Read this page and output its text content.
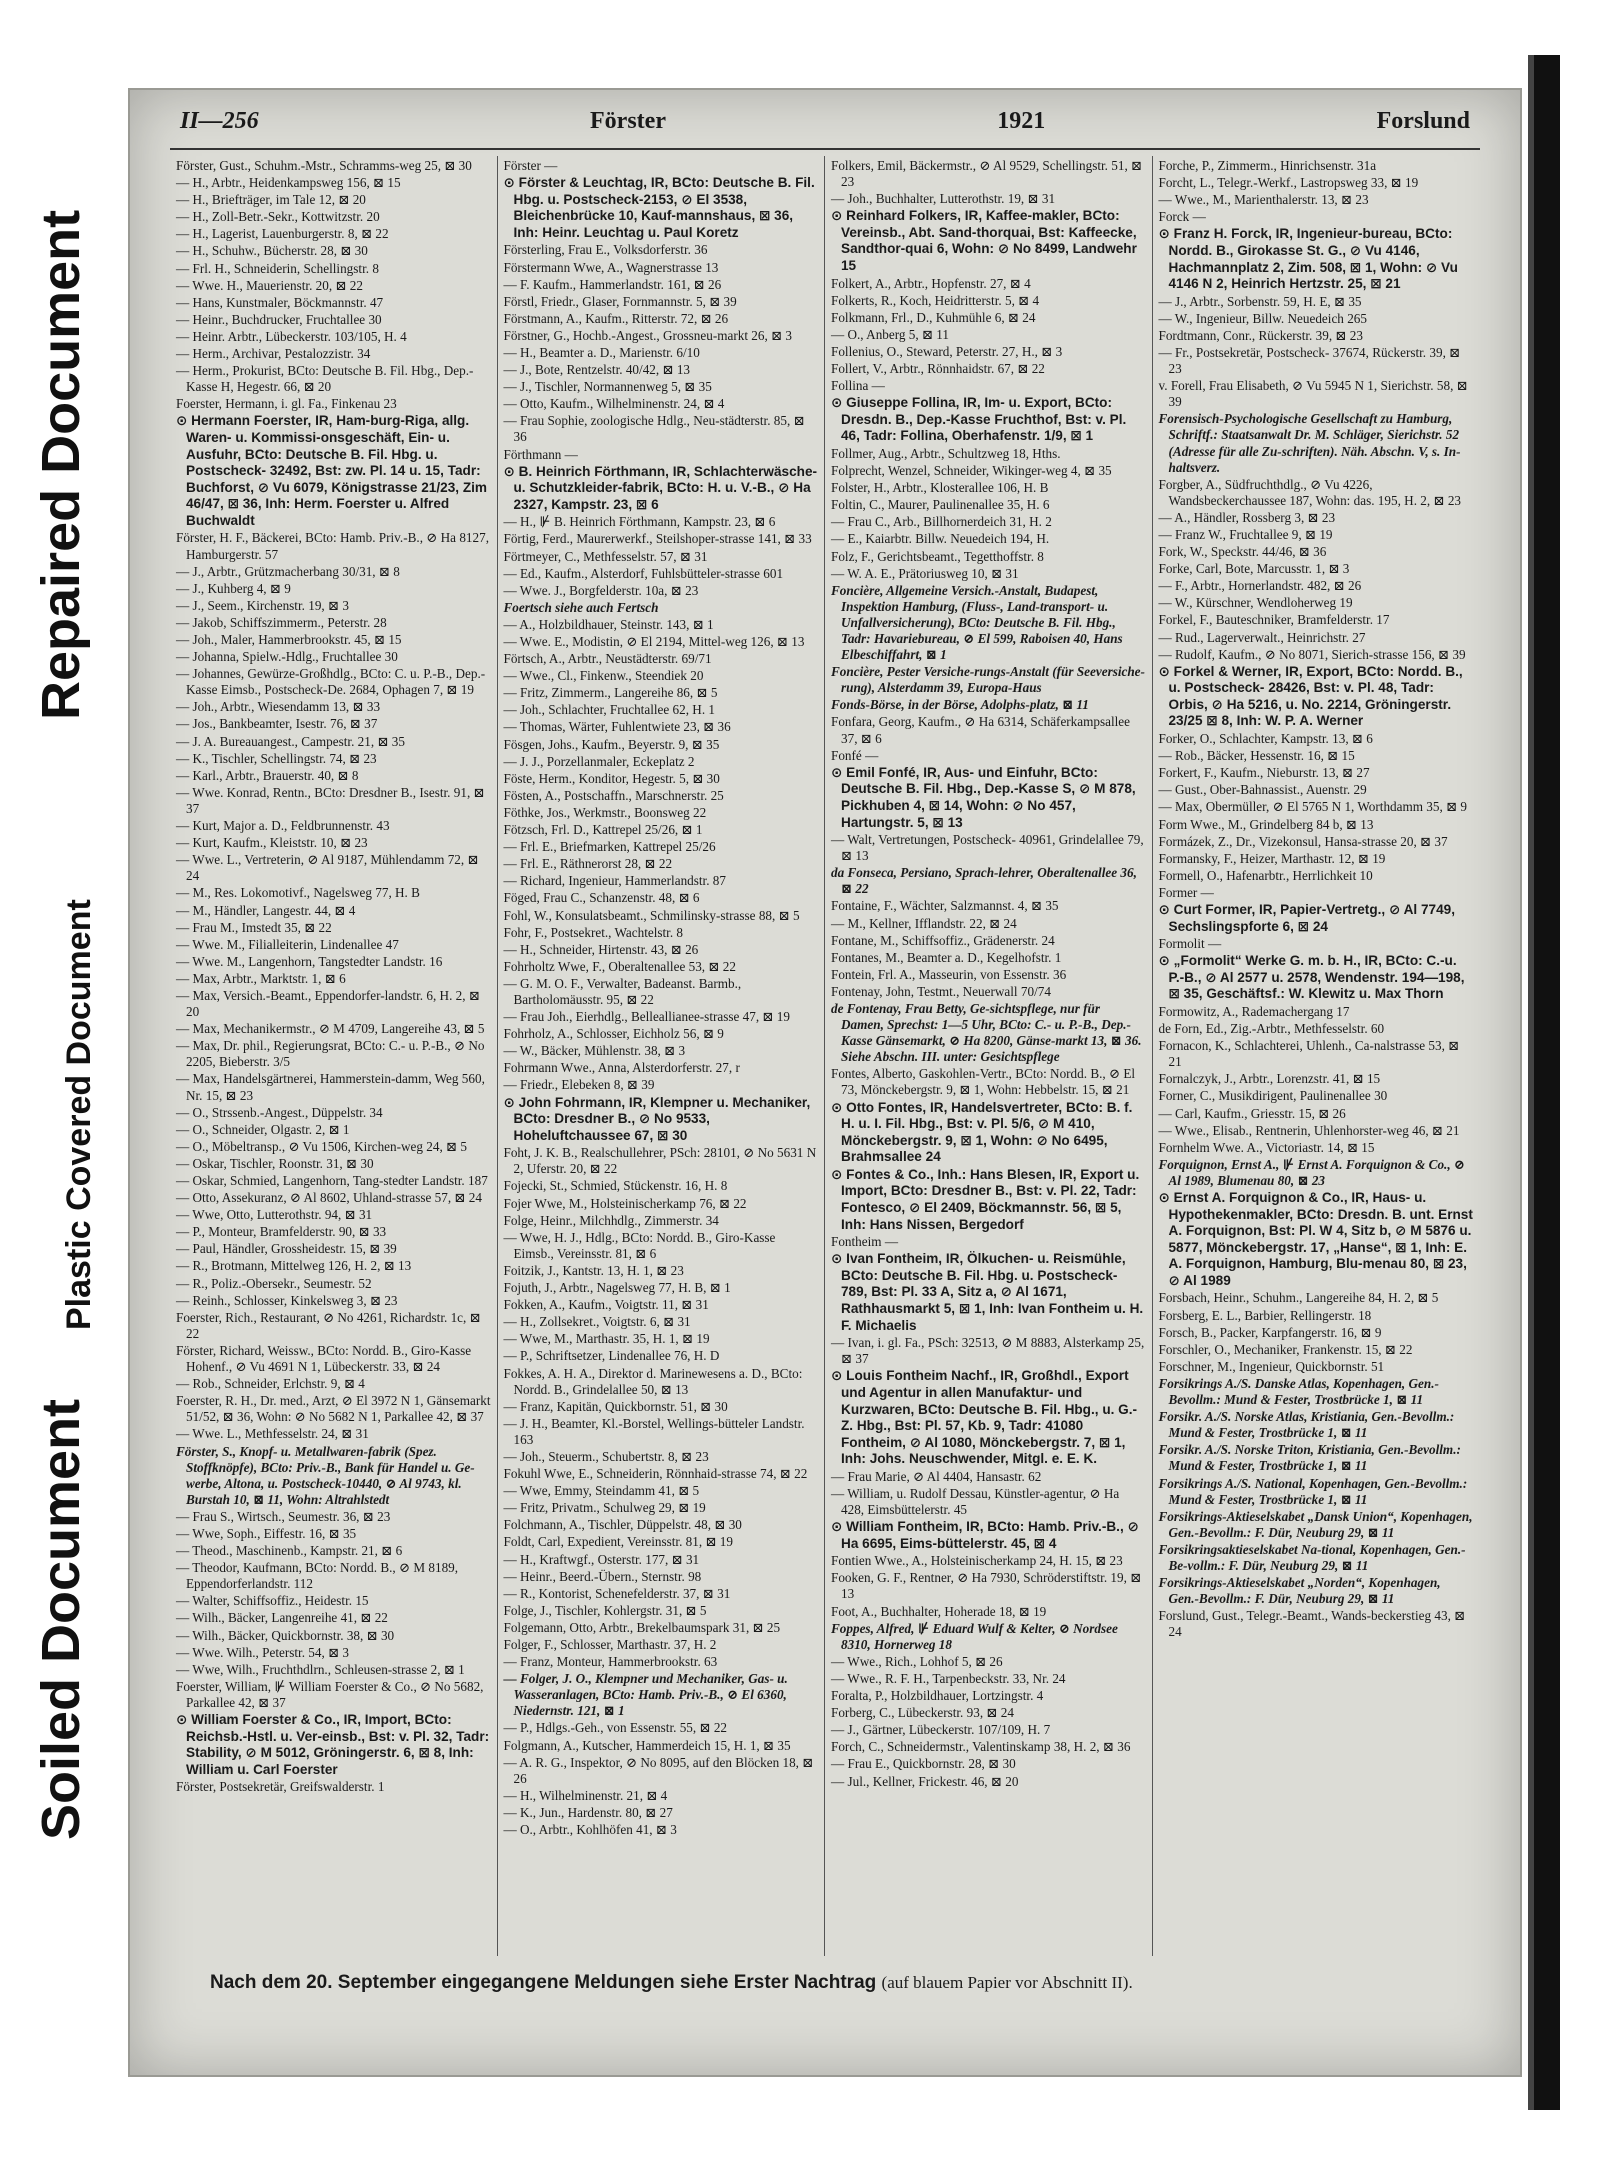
Soiled Document
Plastic Covered Document
Repaired Document
II—256	Förster	1921	Forslund
Förster, Gust., Schuhm.-Mstr., Schramms-weg 25, ⊠ 30
— H., Arbtr., Heidenkampsweg 156, ⊠ 15
— H., Briefträger, im Tale 12, ⊠ 20
— H., Zoll-Betr.-Sekr., Kottwitzstr. 20
— H., Lagerist, Lauenburgerstr. 8, ⊠ 22
— H., Schuhw., Bücherstr. 28, ⊠ 30
— Frl. H., Schneiderin, Schellingstr. 8
— Wwe. H., Mauerienstr. 20, ⊠ 22
— Hans, Kunstmaler, Böckmannstr. 47
— Heinr., Buchdrucker, Fruchtallee 30
— Heinr. Arbtr., Lübeckerstr. 103/105, H. 4
— Herm., Archivar, Pestalozzistr. 34
— Herm., Prokurist, BCto: Deutsche B. Fil. Hbg., Dep.-Kasse H, Hegestr. 66, ⊠ 20
Foerster, Hermann, i. gl. Fa., Finkenau 23
⊙ Hermann Foerster, IR, Ham-burg-Riga, allg. Waren- u. Kommissi-onsgeschäft, Ein- u. Ausfuhr, BCto: Deutsche B. Fil. Hbg. u. Postscheck- 32492, Bst: zw. Pl. 14 u. 15, Tadr: Buchforst, ⊘ Vu 6079, Königstrasse 21/23, Zim 46/47, ⊠ 36, Inh: Herm. Foerster u. Alfred Buchwaldt
Förster, H. F., Bäckerei, BCto: Hamb. Priv.-B., ⊘ Ha 8127, Hamburgerstr. 57
— J., Arbtr., Grützmacherbang 30/31, ⊠ 8
— J., Kuhberg 4, ⊠ 9
— J., Seem., Kirchenstr. 19, ⊠ 3
— Jakob, Schiffszimmerm., Peterstr. 28
— Joh., Maler, Hammerbrookstr. 45, ⊠ 15
— Johanna, Spielw.-Hdlg., Fruchtallee 30
— Johannes, Gewürze-Großhdlg., BCto: C. u. P.-B., Dep.-Kasse Eimsb., Postscheck-De. 2684, Ophagen 7, ⊠ 19
— Joh., Arbtr., Wiesendamm 13, ⊠ 33
— Jos., Bankbeamter, Isestr. 76, ⊠ 37
— J. A. Bureauangest., Campestr. 21, ⊠ 35
— K., Tischler, Schellingstr. 74, ⊠ 23
— Karl., Arbtr., Brauerstr. 40, ⊠ 8
— Wwe. Konrad, Rentn., BCto: Dresdner B., Isestr. 91, ⊠ 37
— Kurt, Major a. D., Feldbrunnenstr. 43
— Kurt, Kaufm., Kleiststr. 10, ⊠ 23
— Wwe. L., Vertreterin, ⊘ Al 9187, Mühlendamm 72, ⊠ 24
— M., Res. Lokomotivf., Nagelsweg 77, H. B
— M., Händler, Langestr. 44, ⊠ 4
— Frau M., Imstedt 35, ⊠ 22
— Wwe. M., Filialleiterin, Lindenallee 47
— Wwe. M., Langenhorn, Tangstedter Landstr. 16
— Max, Arbtr., Marktstr. 1, ⊠ 6
— Max, Versich.-Beamt., Eppendorfer-landstr. 6, H. 2, ⊠ 20
— Max, Mechanikermstr., ⊘ M 4709, Langereihe 43, ⊠ 5
— Max, Dr. phil., Regierungsrat, BCto: C.- u. P.-B., ⊘ No 2205, Bieberstr. 3/5
— Max, Handelsgärtnerei, Hammerstein-damm, Weg 560, Nr. 15, ⊠ 23
— O., Strssenb.-Angest., Düppelstr. 34
— O., Schneider, Olgastr. 2, ⊠ 1
— O., Möbeltransp., ⊘ Vu 1506, Kirchen-weg 24, ⊠ 5
— Oskar, Tischler, Roonstr. 31, ⊠ 30
— Oskar, Schmied, Langenhorn, Tang-stedter Landstr. 187
— Otto, Assekuranz, ⊘ Al 8602, Uhland-strasse 57, ⊠ 24
— Wwe, Otto, Lutterothstr. 94, ⊠ 31
— P., Monteur, Bramfelderstr. 90, ⊠ 33
— Paul, Händler, Grossheidestr. 15, ⊠ 39
— R., Brotmann, Mittelweg 126, H. 2, ⊠ 13
— R., Poliz.-Obersekr., Seumestr. 52
— Reinh., Schlosser, Kinkelsweg 3, ⊠ 23
Foerster, Rich., Restaurant, ⊘ No 4261, Richardstr. 1c, ⊠ 22
Förster, Richard, Weissw., BCto: Nordd. B., Giro-Kasse Hohenf., ⊘ Vu 4691 N 1, Lübeckerstr. 33, ⊠ 24
— Rob., Schneider, Erlchstr. 9, ⊠ 4
Foerster, R. H., Dr. med., Arzt, ⊘ El 3972 N 1, Gänsemarkt 51/52, ⊠ 36, Wohn: ⊘ No 5682 N 1, Parkallee 42, ⊠ 37
— Wwe. L., Methfesselstr. 24, ⊠ 31
Förster, S., Knopf- u. Metallwaren-fabrik (Spez. Stoffknöpfe), BCto: Priv.-B., Bank für Handel u. Ge-werbe, Altona, u. Postscheck-10440, ⊘ Al 9743, kl. Burstah 10, ⊠ 11, Wohn: Altrahlstedt
— Frau S., Wirtsch., Seumestr. 36, ⊠ 23
— Wwe, Soph., Eiffestr. 16, ⊠ 35
— Theod., Maschinenb., Kampstr. 21, ⊠ 6
— Theodor, Kaufmann, BCto: Nordd. B., ⊘ M 8189, Eppendorferlandstr. 112
— Walter, Schiffsoffiz., Heidestr. 15
— Wilh., Bäcker, Langenreihe 41, ⊠ 22
— Wilh., Bäcker, Quickbornstr. 38, ⊠ 30
— Wwe. Wilh., Peterstr. 54, ⊠ 3
— Wwe, Wilh., Fruchthdlrn., Schleusen-strasse 2, ⊠ 1
Foerster, William, ⊮ William Foerster & Co., ⊘ No 5682, Parkallee 42, ⊠ 37
⊙ William Foerster & Co., IR, Import, BCto: Reichsb.-Hstl. u. Ver-einsb., Bst: v. Pl. 32, Tadr: Stability, ⊘ M 5012, Gröningerstr. 6, ⊠ 8, Inh: William u. Carl Foerster
Förster, Postsekretär, Greifswalderstr. 1
Förster —
⊙ Förster & Leuchtag, IR, BCto: Deutsche B. Fil. Hbg. u. Postscheck-2153, ⊘ El 3538, Bleichenbrücke 10, Kauf-mannshaus, ⊠ 36, Inh: Heinr. Leuchtag u. Paul Koretz
Försterling, Frau E., Volksdorferstr. 36
Förstermann Wwe, A., Wagnerstrasse 13
— F. Kaufm., Hammerlandstr. 161, ⊠ 26
Förstl, Friedr., Glaser, Fornmannstr. 5, ⊠ 39
Förstmann, A., Kaufm., Ritterstr. 72, ⊠ 26
Förstner, G., Hochb.-Angest., Grossneu-markt 26, ⊠ 3
— H., Beamter a. D., Marienstr. 6/10
— J., Bote, Rentzelstr. 40/42, ⊠ 13
— J., Tischler, Normannenweg 5, ⊠ 35
— Otto, Kaufm., Wilhelminenstr. 24, ⊠ 4
— Frau Sophie, zoologische Hdlg., Neu-städterstr. 85, ⊠ 36
Förthmann —
⊙ B. Heinrich Förthmann, IR, Schlachterwäsche- u. Schutzkleider-fabrik, BCto: H. u. V.-B., ⊘ Ha 2327, Kampstr. 23, ⊠ 6
— H., ⊮ B. Heinrich Förthmann, Kampstr. 23, ⊠ 6
Förtig, Ferd., Maurerwerkf., Steilshoper-strasse 141, ⊠ 33
Förtmeyer, C., Methfesselstr. 57, ⊠ 31
— Ed., Kaufm., Alsterdorf, Fuhlsbütteler-strasse 601
— Wwe. J., Borgfelderstr. 10a, ⊠ 23
Foertsch siehe auch Fertsch
— A., Holzbildhauer, Steinstr. 143, ⊠ 1
— Wwe. E., Modistin, ⊘ El 2194, Mittel-weg 126, ⊠ 13
Förtsch, A., Arbtr., Neustädterstr. 69/71
— Wwe., Cl., Finkenw., Steendiek 20
— Fritz, Zimmerm., Langereihe 86, ⊠ 5
— Joh., Schlachter, Fruchtallee 62, H. 1
— Thomas, Wärter, Fuhlentwiete 23, ⊠ 36
Fösgen, Johs., Kaufm., Beyerstr. 9, ⊠ 35
— J. J., Porzellanmaler, Eckeplatz 2
Föste, Herm., Konditor, Hegestr. 5, ⊠ 30
Fösten, A., Postschaffn., Marschnerstr. 25
Föthke, Jos., Werkmstr., Boonsweg 22
Fötzsch, Frl. D., Kattrepel 25/26, ⊠ 1
— Frl. E., Briefmarken, Kattrepel 25/26
— Frl. E., Räthnerorst 28, ⊠ 22
— Richard, Ingenieur, Hammerlandstr. 87
Föged, Frau C., Schanzenstr. 48, ⊠ 6
Fohl, W., Konsulatsbeamt., Schmilinsky-strasse 88, ⊠ 5
Fohr, F., Postsekret., Wachtelstr. 8
— H., Schneider, Hirtenstr. 43, ⊠ 26
Fohrholtz Wwe, F., Oberaltenallee 53, ⊠ 22
— G. M. O. F., Verwalter, Badeanst. Barmb., Bartholomäusstr. 95, ⊠ 22
— Frau Joh., Eierhdlg., Belleallianee-strasse 47, ⊠ 19
Fohrholz, A., Schlosser, Eichholz 56, ⊠ 9
— W., Bäcker, Mühlenstr. 38, ⊠ 3
Fohrmann Wwe., Anna, Alsterdorferstr. 27, r
— Friedr., Elebeken 8, ⊠ 39
⊙ John Fohrmann, IR, Klempner u. Mechaniker, BCto: Dresdner B., ⊘ No 9533, Hoheluftchaussee 67, ⊠ 30
Foht, J. K. B., Realschullehrer, PSch: 28101, ⊘ No 5631 N 2, Uferstr. 20, ⊠ 22
Fojecki, St., Schmied, Stückenstr. 16, H. 8
Fojer Wwe, M., Holsteinischerkamp 76, ⊠ 22
Folge, Heinr., Milchhdlg., Zimmerstr. 34
— Wwe, H. J., Hdlg., BCto: Nordd. B., Giro-Kasse Eimsb., Vereinsstr. 81, ⊠ 6
Foitzik, J., Kantstr. 13, H. 1, ⊠ 23
Fojuth, J., Arbtr., Nagelsweg 77, H. B, ⊠ 1
Fokken, A., Kaufm., Voigtstr. 11, ⊠ 31
— H., Zollsekret., Voigtstr. 6, ⊠ 31
— Wwe, M., Marthastr. 35, H. 1, ⊠ 19
— P., Schriftsetzer, Lindenallee 76, H. D
Fokkes, A. H. A., Direktor d. Marinewesens a. D., BCto: Nordd. B., Grindelallee 50, ⊠ 13
— Franz, Kapitän, Quickbornstr. 51, ⊠ 30
— J. H., Beamter, Kl.-Borstel, Wellings-bütteler Landstr. 163
— Joh., Steuerm., Schubertstr. 8, ⊠ 23
Fokuhl Wwe, E., Schneiderin, Rönnhaid-strasse 74, ⊠ 22
— Wwe, Emmy, Steindamm 41, ⊠ 5
— Fritz, Privatm., Schulweg 29, ⊠ 19
Folchmann, A., Tischler, Düppelstr. 48, ⊠ 30
Foldt, Carl, Expedient, Vereinsstr. 81, ⊠ 19
— H., Kraftwgf., Osterstr. 177, ⊠ 31
— Heinr., Beerd.-Übern., Sternstr. 98
— R., Kontorist, Schenefelderstr. 37, ⊠ 31
Folge, J., Tischler, Kohlergstr. 31, ⊠ 5
Folgemann, Otto, Arbtr., Brekelbaumspark 31, ⊠ 25
Folger, F., Schlosser, Marthastr. 37, H. 2
— Franz, Monteur, Hammerbrookstr. 63
— Folger, J. O., Klempner und Mechaniker, Gas- u. Wasseranlagen, BCto: Hamb. Priv.-B., ⊘ El 6360, Niedernstr. 121, ⊠ 1
— P., Hdlgs.-Geh., von Essenstr. 55, ⊠ 22
Folgmann, A., Kutscher, Hammerdeich 15, H. 1, ⊠ 35
— A. R. G., Inspektor, ⊘ No 8095, auf den Blöcken 18, ⊠ 26
— H., Wilhelminenstr. 21, ⊠ 4
— K., Jun., Hardenstr. 80, ⊠ 27
— O., Arbtr., Kohlhöfen 41, ⊠ 3
Folkers, Emil, Bäckermstr., ⊘ Al 9529, Schellingstr. 51, ⊠ 23
— Joh., Buchhalter, Lutterothstr. 19, ⊠ 31
⊙ Reinhard Folkers, IR, Kaffee-makler, BCto: Vereinsb., Abt. Sand-thorquai, Bst: Kaffeecke, Sandthor-quai 6, Wohn: ⊘ No 8499, Landwehr 15
Folkert, A., Arbtr., Hopfenstr. 27, ⊠ 4
Folkerts, R., Koch, Heidritterstr. 5, ⊠ 4
Folkmann, Frl., D., Kuhmühle 6, ⊠ 24
— O., Anberg 5, ⊠ 11
Follenius, O., Steward, Peterstr. 27, H., ⊠ 3
Follert, V., Arbtr., Rönnhaidstr. 67, ⊠ 22
Follina —
⊙ Giuseppe Follina, IR, Im- u. Export, BCto: Dresdn. B., Dep.-Kasse Fruchthof, Bst: v. Pl. 46, Tadr: Follina, Oberhafenstr. 1/9, ⊠ 1
Follmer, Aug., Arbtr., Schultzweg 18, Hths.
Folprecht, Wenzel, Schneider, Wikinger-weg 4, ⊠ 35
Folster, H., Arbtr., Klosterallee 106, H. B
Foltin, C., Maurer, Paulinenallee 35, H. 6
— Frau C., Arb., Billhornerdeich 31, H. 2
— E., Kaiarbtr. Billw. Neuedeich 194, H.
Folz, F., Gerichtsbeamt., Tegetthoffstr. 8
— W. A. E., Prätoriusweg 10, ⊠ 31
Foncière, Allgemeine Versich.-Anstalt, Budapest, Inspektion Hamburg, (Fluss-, Land-transport- u. Unfallversicherung), BCto: Deutsche B. Fil. Hbg., Tadr: Havariebureau, ⊘ El 599, Raboisen 40, Hans Elbeschiffahrt, ⊠ 1
Foncière, Pester Versiche-rungs-Anstalt (für Seeversiche-rung), Alsterdamm 39, Europa-Haus
Fonds-Börse, in der Börse, Adolphs-platz, ⊠ 11
Fonfara, Georg, Kaufm., ⊘ Ha 6314, Schäferkampsallee 37, ⊠ 6
Fonfé —
⊙ Emil Fonfé, IR, Aus- und Einfuhr, BCto: Deutsche B. Fil. Hbg., Dep.-Kasse S, ⊘ M 878, Pickhuben 4, ⊠ 14, Wohn: ⊘ No 457, Hartungstr. 5, ⊠ 13
— Walt, Vertretungen, Postscheck- 40961, Grindelallee 79, ⊠ 13
da Fonseca, Persiano, Sprach-lehrer, Oberaltenallee 36, ⊠ 22
Fontaine, F., Wächter, Salzmannst. 4, ⊠ 35
— M., Kellner, Ifflandstr. 22, ⊠ 24
Fontane, M., Schiffsoffiz., Grädenerstr. 24
Fontanes, M., Beamter a. D., Kegelhofstr. 1
Fontein, Frl. A., Masseurin, von Essenstr. 36
Fontenay, John, Testmt., Neuerwall 70/74
de Fontenay, Frau Betty, Ge-sichtspflege, nur für Damen, Sprechst: 1—5 Uhr, BCto: C.- u. P.-B., Dep.-Kasse Gänsemarkt, ⊘ Ha 8200, Gänse-markt 13, ⊠ 36. Siehe Abschn. III. unter: Gesichtspflege
Fontes, Alberto, Gaskohlen-Vertr., BCto: Nordd. B., ⊘ El 73, Mönckebergstr. 9, ⊠ 1, Wohn: Hebbelstr. 15, ⊠ 21
⊙ Otto Fontes, IR, Handelsvertreter, BCto: B. f. H. u. I. Fil. Hbg., Bst: v. Pl. 5/6, ⊘ M 410, Mönckebergstr. 9, ⊠ 1, Wohn: ⊘ No 6495, Brahmsallee 24
⊙ Fontes & Co., Inh.: Hans Blesen, IR, Export u. Import, BCto: Dresdner B., Bst: v. Pl. 22, Tadr: Fontesco, ⊘ El 2409, Böckmannstr. 56, ⊠ 5, Inh: Hans Nissen, Bergedorf
Fontheim —
⊙ Ivan Fontheim, IR, Ölkuchen- u. Reismühle, BCto: Deutsche B. Fil. Hbg. u. Postscheck- 789, Bst: Pl. 33 A, Sitz a, ⊘ Al 1671, Rathhausmarkt 5, ⊠ 1, Inh: Ivan Fontheim u. H. F. Michaelis
— Ivan, i. gl. Fa., PSch: 32513, ⊘ M 8883, Alsterkamp 25, ⊠ 37
⊙ Louis Fontheim Nachf., IR, Großhdl., Export und Agentur in allen Manufaktur- und Kurzwaren, BCto: Deutsche B. Fil. Hbg., u. G.-Z. Hbg., Bst: Pl. 57, Kb. 9, Tadr: 41080 Fontheim, ⊘ Al 1080, Mönckebergstr. 7, ⊠ 1, Inh: Johs. Neuschwender, Mitgl. e. E. K.
— Frau Marie, ⊘ Al 4404, Hansastr. 62
— William, u. Rudolf Dessau, Künstler-agentur, ⊘ Ha 428, Eimsbüttelerstr. 45
⊙ William Fontheim, IR, BCto: Hamb. Priv.-B., ⊘ Ha 6695, Eims-büttelerstr. 45, ⊠ 4
Fontien Wwe., A., Holsteinischerkamp 24, H. 15, ⊠ 23
Fooken, G. F., Rentner, ⊘ Ha 7930, Schröderstiftstr. 19, ⊠ 13
Foot, A., Buchhalter, Hoherade 18, ⊠ 19
Foppes, Alfred, ⊮ Eduard Wulf & Kelter, ⊘ Nordsee 8310, Hornerweg 18
— Wwe., Rich., Lohhof 5, ⊠ 26
— Wwe., R. F. H., Tarpenbeckstr. 33, Nr. 24
Foralta, P., Holzbildhauer, Lortzingstr. 4
Forberg, C., Lübeckerstr. 93, ⊠ 24
— J., Gärtner, Lübeckerstr. 107/109, H. 7
Forch, C., Schneidermstr., Valentinskamp 38, H. 2, ⊠ 36
— Frau E., Quickbornstr. 28, ⊠ 30
— Jul., Kellner, Frickestr. 46, ⊠ 20
Forche, P., Zimmerm., Hinrichsenstr. 31a
Forcht, L., Telegr.-Werkf., Lastropsweg 33, ⊠ 19
— Wwe., M., Marienthalerstr. 13, ⊠ 23
Forck —
⊙ Franz H. Forck, IR, Ingenieur-bureau, BCto: Nordd. B., Girokasse St. G., ⊘ Vu 4146, Hachmannplatz 2, Zim. 508, ⊠ 1, Wohn: ⊘ Vu 4146 N 2, Heinrich Hertzstr. 25, ⊠ 21
— J., Arbtr., Sorbenstr. 59, H. E, ⊠ 35
— W., Ingenieur, Billw. Neuedeich 265
Fordtmann, Conr., Rückerstr. 39, ⊠ 23
— Fr., Postsekretär, Postscheck- 37674, Rückerstr. 39, ⊠ 23
v. Forell, Frau Elisabeth, ⊘ Vu 5945 N 1, Sierichstr. 58, ⊠ 39
Forensisch-Psychologische Gesellschaft zu Hamburg, Schriftf.: Staatsanwalt Dr. M. Schläger, Sierichstr. 52 (Adresse für alle Zu-schriften). Näh. Abschn. V, s. In-haltsverz.
Forgber, A., Südfruchthdlg., ⊘ Vu 4226, Wandsbeckerchaussee 187, Wohn: das. 195, H. 2, ⊠ 23
— A., Händler, Rossberg 3, ⊠ 23
— Franz W., Fruchtallee 9, ⊠ 19
Fork, W., Speckstr. 44/46, ⊠ 36
Forke, Carl, Bote, Marcusstr. 1, ⊠ 3
— F., Arbtr., Hornerlandstr. 482, ⊠ 26
— W., Kürschner, Wendloherweg 19
Forkel, F., Bauteschniker, Bramfelderstr. 17
— Rud., Lagerverwalt., Heinrichstr. 27
— Rudolf, Kaufm., ⊘ No 8071, Sierich-strasse 156, ⊠ 39
⊙ Forkel & Werner, IR, Export, BCto: Nordd. B., u. Postscheck- 28426, Bst: v. Pl. 48, Tadr: Orbis, ⊘ Ha 5216, u. No. 2214, Gröningerstr. 23/25 ⊠ 8, Inh: W. P. A. Werner
Forker, O., Schlachter, Kampstr. 13, ⊠ 6
— Rob., Bäcker, Hessenstr. 16, ⊠ 15
Forkert, F., Kaufm., Nieburstr. 13, ⊠ 27
— Gust., Ober-Bahnassist., Auenstr. 29
— Max, Obermüller, ⊘ El 5765 N 1, Worthdamm 35, ⊠ 9
Form Wwe., M., Grindelberg 84 b, ⊠ 13
Formázek, Z., Dr., Vizekonsul, Hansa-strasse 20, ⊠ 37
Formansky, F., Heizer, Marthastr. 12, ⊠ 19
Formell, O., Hafenarbtr., Herrlichkeit 10
Former —
⊙ Curt Former, IR, Papier-Vertretg., ⊘ Al 7749, Sechslingspforte 6, ⊠ 24
Formolit —
⊙ „Formolit“ Werke G. m. b. H., IR, BCto: C.-u. P.-B., ⊘ Al 2577 u. 2578, Wendenstr. 194—198, ⊠ 35, Geschäftsf.: W. Klewitz u. Max Thorn
Formowitz, A., Rademachergang 17
de Forn, Ed., Zig.-Arbtr., Methfesselstr. 60
Fornacon, K., Schlachterei, Uhlenh., Ca-nalstrasse 53, ⊠ 21
Fornalczyk, J., Arbtr., Lorenzstr. 41, ⊠ 15
Forner, C., Musikdirigent, Paulinenallee 30
— Carl, Kaufm., Griesstr. 15, ⊠ 26
— Wwe., Elisab., Rentnerin, Uhlenhorster-weg 46, ⊠ 21
Fornhelm Wwe. A., Victoriastr. 14, ⊠ 15
Forquignon, Ernst A., ⊮ Ernst A. Forquignon & Co., ⊘ Al 1989, Blumenau 80, ⊠ 23
⊙ Ernst A. Forquignon & Co., IR, Haus- u. Hypothekenmakler, BCto: Dresdn. B. unt. Ernst A. Forquignon, Bst: Pl. W 4, Sitz b, ⊘ M 5876 u. 5877, Mönckebergstr. 17, „Hanse“, ⊠ 1, Inh: E. A. Forquignon, Hamburg, Blu-menau 80, ⊠ 23, ⊘ Al 1989
Forsbach, Heinr., Schuhm., Langereihe 84, H. 2, ⊠ 5
Forsberg, E. L., Barbier, Rellingerstr. 18
Forsch, B., Packer, Karpfangerstr. 16, ⊠ 9
Forschler, O., Mechaniker, Frankenstr. 15, ⊠ 22
Forschner, M., Ingenieur, Quickbornstr. 51
Forsikrings A./S. Danske Atlas, Kopenhagen, Gen.-Bevollm.: Mund & Fester, Trostbrücke 1, ⊠ 11
Forsikr. A./S. Norske Atlas, Kristiania, Gen.-Bevollm.: Mund & Fester, Trostbrücke 1, ⊠ 11
Forsikr. A./S. Norske Triton, Kristiania, Gen.-Bevollm.: Mund & Fester, Trostbrücke 1, ⊠ 11
Forsikrings A./S. National, Kopenhagen, Gen.-Bevollm.: Mund & Fester, Trostbrücke 1, ⊠ 11
Forsikrings-Aktieselskabet „Dansk Union“, Kopenhagen, Gen.-Bevollm.: F. Dür, Neuburg 29, ⊠ 11
Forsikringsaktieselskabet Na-tional, Kopenhagen, Gen.-Be-vollm.: F. Dür, Neuburg 29, ⊠ 11
Forsikrings-Aktieselskabet „Norden“, Kopenhagen, Gen.-Bevollm.: F. Dür, Neuburg 29, ⊠ 11
Forslund, Gust., Telegr.-Beamt., Wands-beckerstieg 43, ⊠ 24
Nach dem 20. September eingegangene Meldungen siehe Erster Nachtrag (auf blauem Papier vor Abschnitt II).
